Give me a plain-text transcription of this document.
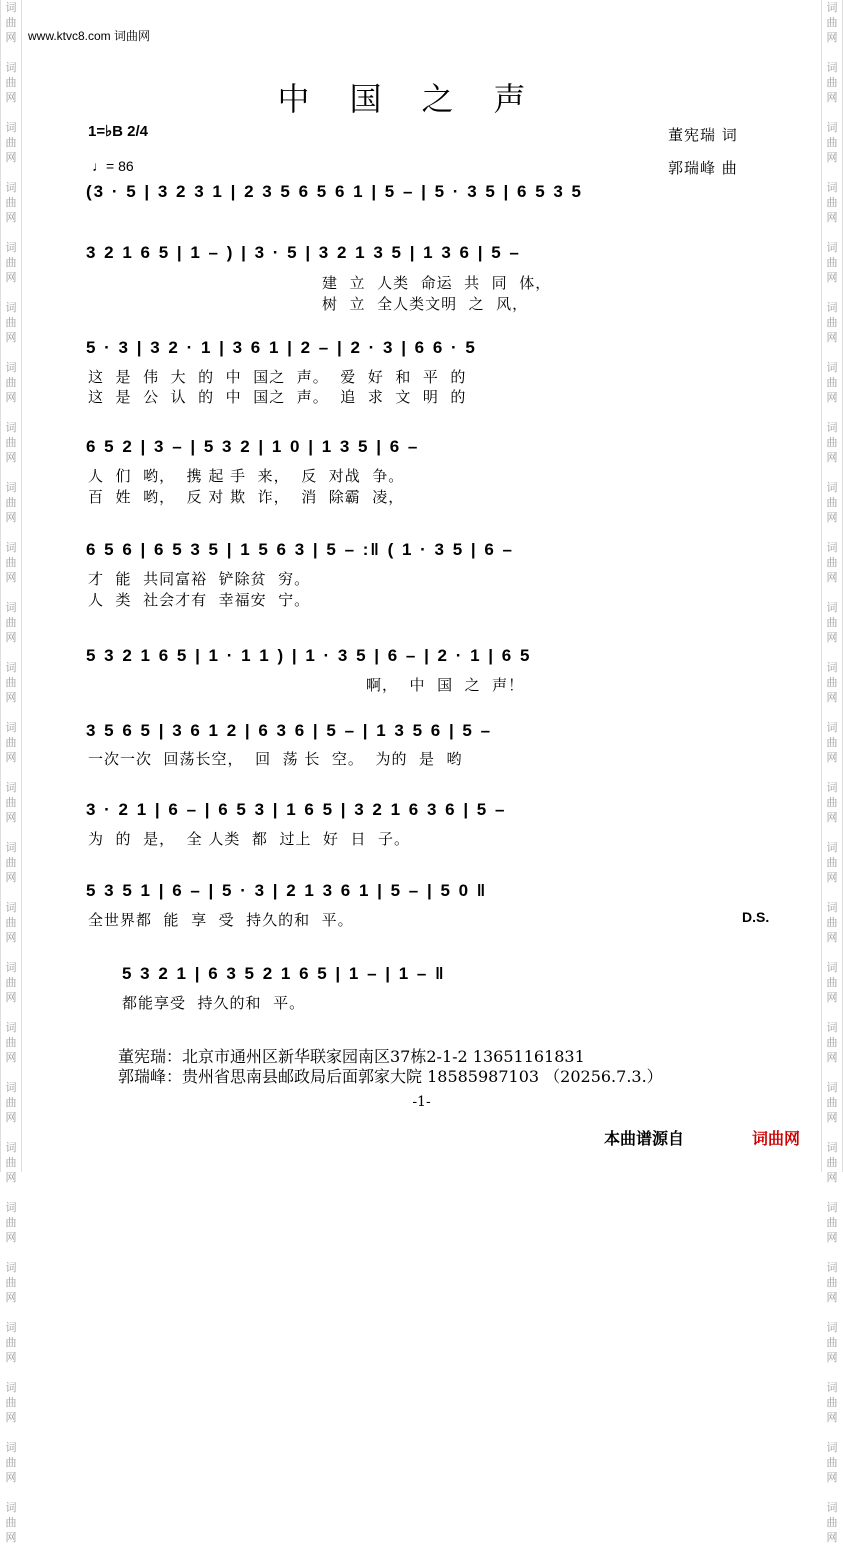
词
曲
网

词
曲
网

词
曲
网

词
曲
网

词
曲
网

词
曲
网

词
曲
网

词
曲
网

词
曲
网

词
曲
网

词
曲
网

词
曲
网

词
曲
网

词
曲
网

词
曲
网

词
曲
网

词
曲
网

词
曲
网

词
曲
网

词
曲
网

词
曲
网

词
曲
网

词
曲
网

词
曲
网

词
曲
网

词
曲
网

词
曲
网

词
曲
网

词
曲
网

词
曲
网

词
曲
网

词
曲
网

词
曲
网

词
曲
网

词
曲
网

词
曲
网

词
曲
网

词
曲
网

词
曲
网

词
曲
网

词
曲
网

词
曲
网

词
曲
网

词
曲
网

词
曲
网

词
曲
网

词
曲
网

词
曲
网

词
曲
网

词
曲
网

词
曲
网

词
曲
网

www.ktvc8.com 词曲网
中国之声
1=♭B 2/4
♩= 86
董宪瑞 词
郭瑞峰 曲
(3 · 5 | 3 2 3 1 | 2 3 5 6 5 6 1 | 5 – | 5 · 3 5 | 6 5 3 5
3 2 1 6 5 | 1 – ) | 3 · 5 | 3 2 1 3 5 | 1 3 6 | 5 –
建  立  人类  命运  共  同  体，
树  立  全人类文明  之  风，
5 · 3 | 3 2 · 1 | 3 6 1 | 2 – | 2 · 3 | 6 6 · 5
这  是  伟  大  的  中  国之  声。  爱  好  和  平  的
这  是  公  认  的  中  国之  声。  追  求  文  明  的
6 5 2 | 3 – | 5 3 2 | 1 0 | 1 3 5 | 6 –
人  们  哟，  携 起 手  来，  反  对战  争。
百  姓  哟，  反 对 欺  诈，  消  除霸  凌，
6 5 6 | 6 5 3 5 | 1 5 6 3 | 5 – :‖ ( 1 · 3 5 | 6 –
才  能  共同富裕  铲除贫  穷。
人  类  社会才有  幸福安  宁。
5 3 2 1 6 5 | 1 · 1 1 ) | 1 · 3 5 | 6 – | 2 · 1 | 6 5
啊，  中  国  之  声！
3 5 6 5 | 3 6 1 2 | 6 3 6 | 5 – | 1 3 5 6 | 5 –
一次一次  回荡长空，  回  荡 长  空。  为的  是  哟
3 · 2 1 | 6 – | 6 5 3 | 1 6 5 | 3 2 1 6 3 6 | 5 –
为  的  是，  全 人类  都  过上  好  日  子。
5 3 5 1 | 6 – | 5 · 3 | 2 1 3 6 1 | 5 – | 5 0 ‖
全世界都  能  享  受  持久的和  平。	D.S.
5 3 2 1 | 6 3 5 2 1 6 5 | 1 – | 1 – ‖
都能享受  持久的和  平。
董宪瑞：北京市通州区新华联家园南区37栋2-1-2 13651161831
郭瑞峰：贵州省思南县邮政局后面郭家大院 18585987103 （20256.7.3.）
-1-
本曲谱源自	词曲网
